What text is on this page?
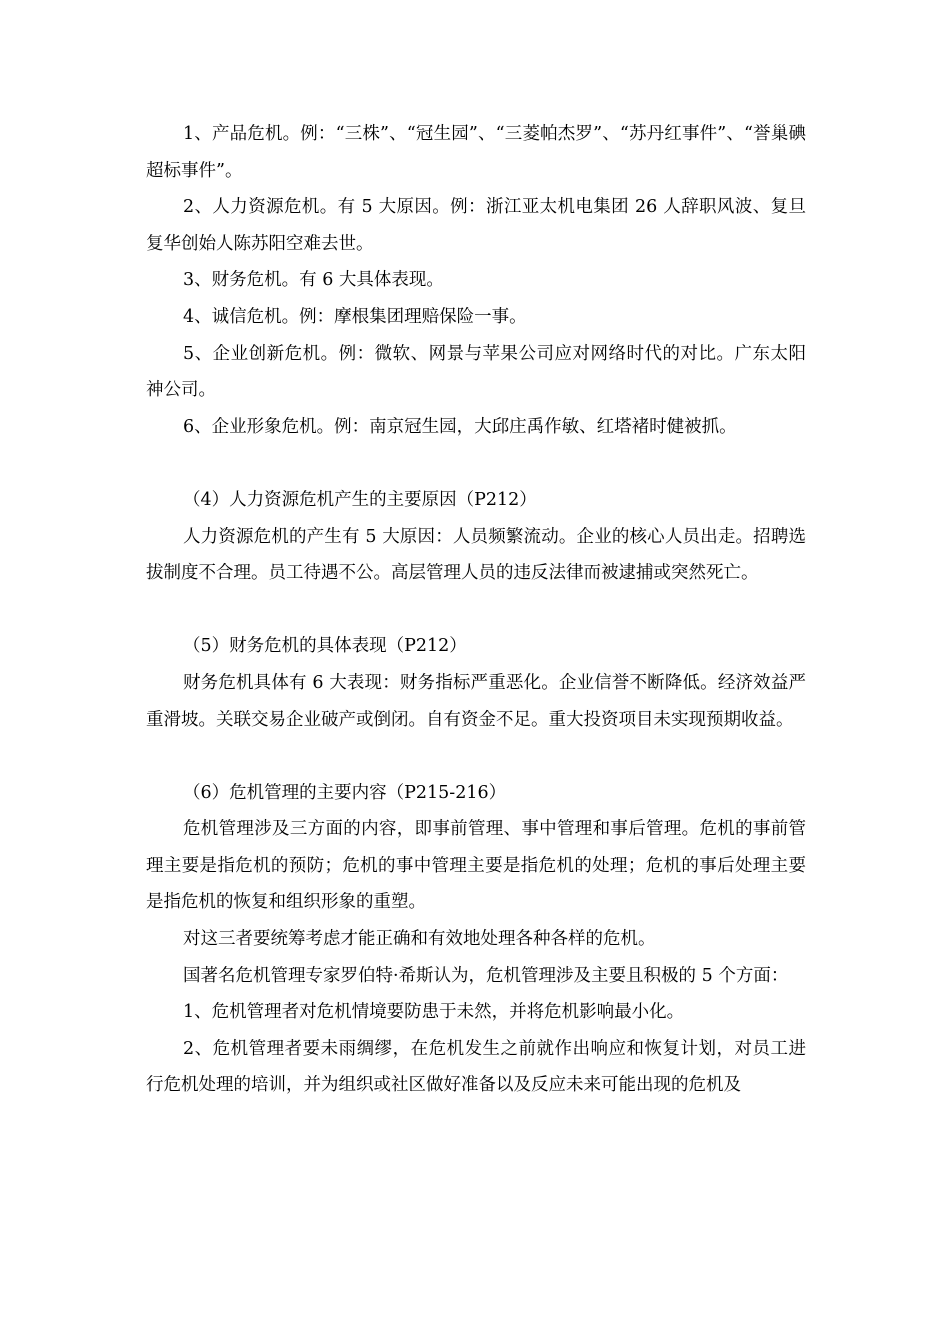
1、产品危机。例：“三株”、“冠生园”、“三菱帕杰罗”、“苏丹红事件”、“誉巢碘超标事件”。

2、人力资源危机。有 5 大原因。例：浙江亚太机电集团 26 人辞职风波、复旦复华创始人陈苏阳空难去世。

3、财务危机。有 6 大具体表现。

4、诚信危机。例：摩根集团理赔保险一事。

5、企业创新危机。例：微软、网景与苹果公司应对网络时代的对比。广东太阳神公司。

6、企业形象危机。例：南京冠生园，大邱庄禹作敏、红塔褚时健被抓。

（4）人力资源危机产生的主要原因（P212）

人力资源危机的产生有 5 大原因：人员频繁流动。企业的核心人员出走。招聘选拔制度不合理。员工待遇不公。高层管理人员的违反法律而被逮捕或突然死亡。

（5）财务危机的具体表现（P212）

财务危机具体有 6 大表现：财务指标严重恶化。企业信誉不断降低。经济效益严重滑坡。关联交易企业破产或倒闭。自有资金不足。重大投资项目未实现预期收益。

（6）危机管理的主要内容（P215-216）

危机管理涉及三方面的内容，即事前管理、事中管理和事后管理。危机的事前管理主要是指危机的预防；危机的事中管理主要是指危机的处理；危机的事后处理主要是指危机的恢复和组织形象的重塑。

对这三者要统筹考虑才能正确和有效地处理各种各样的危机。

国著名危机管理专家罗伯特·希斯认为，危机管理涉及主要且积极的 5 个方面：

1、危机管理者对危机情境要防患于未然，并将危机影响最小化。

2、危机管理者要未雨绸缪，在危机发生之前就作出响应和恢复计划，对员工进行危机处理的培训，并为组织或社区做好准备以及反应未来可能出现的危机及
